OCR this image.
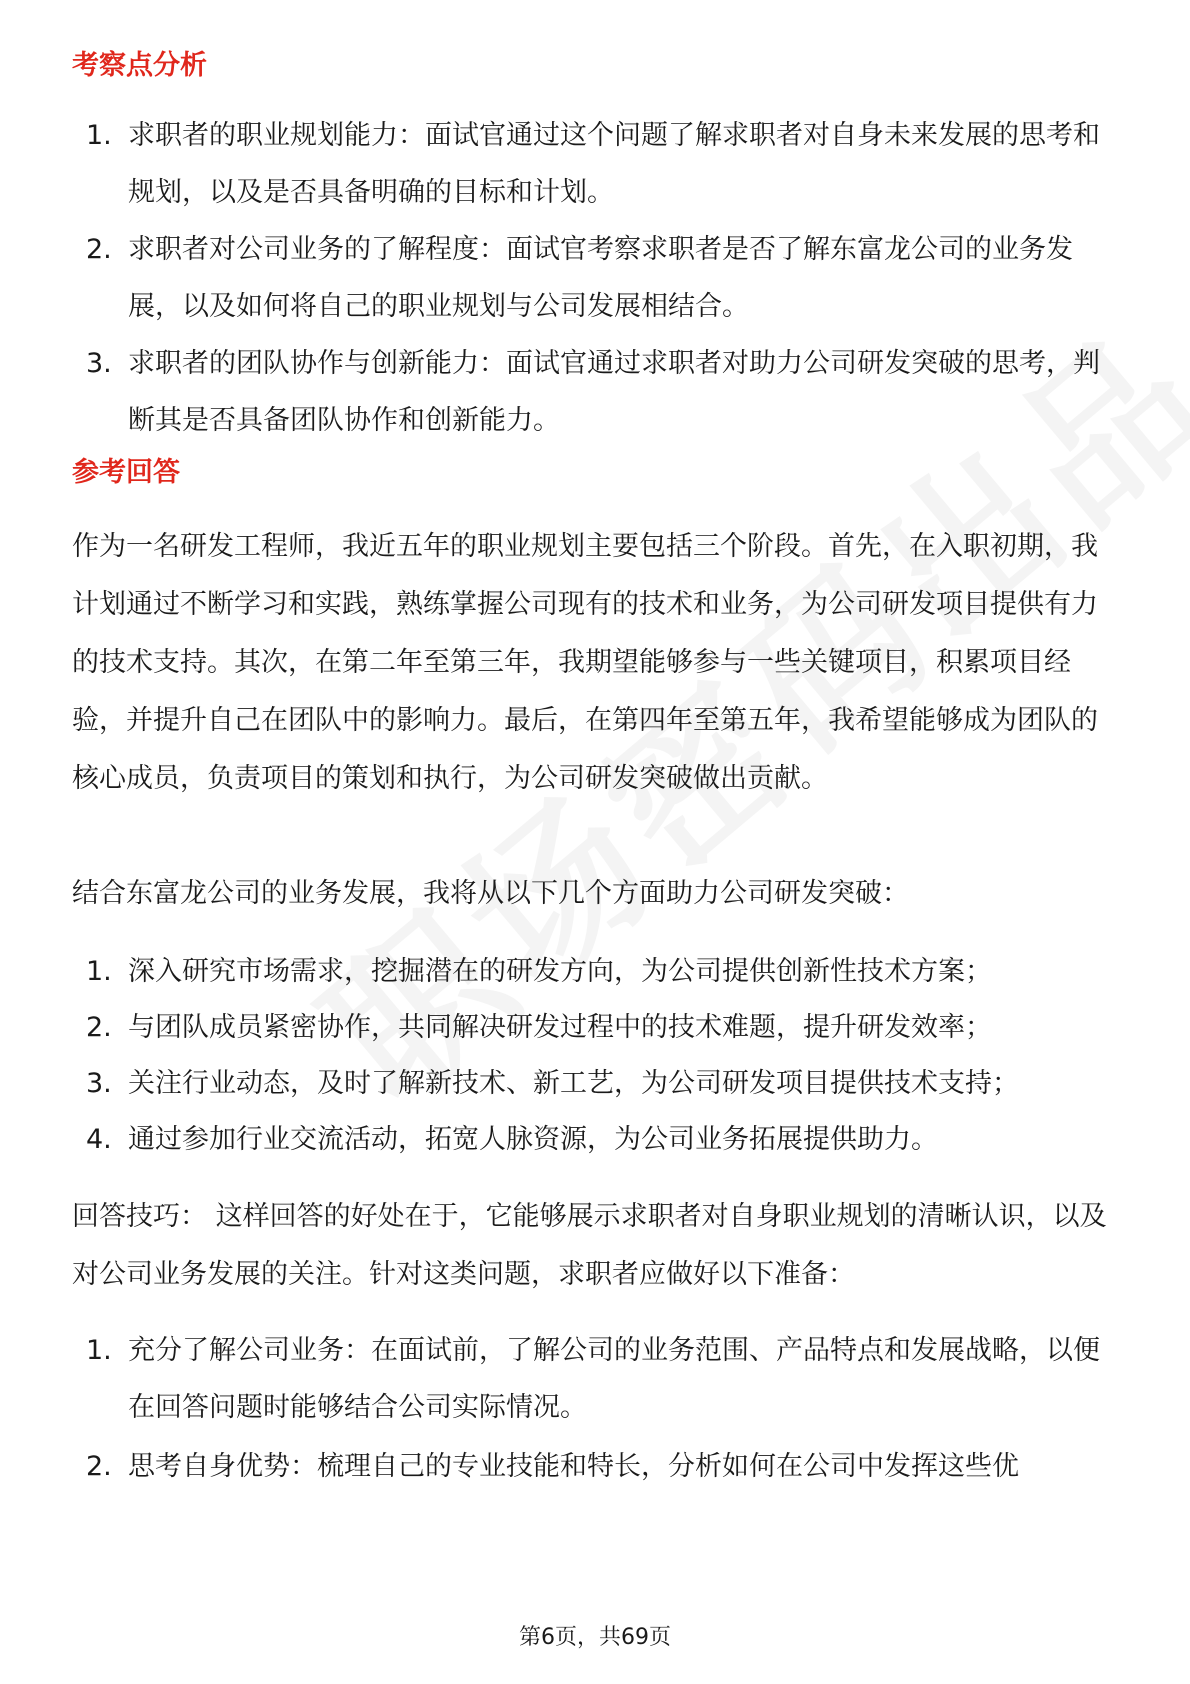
考察点分析
1. 求职者的职业规划能力：面试官通过这个问题了解求职者对自身未来发展的思考和规划，以及是否具备明确的目标和计划。
2. 求职者对公司业务的了解程度：面试官考察求职者是否了解东富龙公司的业务发展，以及如何将自己的职业规划与公司发展相结合。
3. 求职者的团队协作与创新能力：面试官通过求职者对助力公司研发突破的思考，判断其是否具备团队协作和创新能力。
参考回答

作为一名研发工程师，我近五年的职业规划主要包括三个阶段。首先，在入职初期，我计划通过不断学习和实践，熟练掌握公司现有的技术和业务，为公司研发项目提供有力的技术支持。其次，在第二年至第三年，我期望能够参与一些关键项目，积累项目经验，并提升自己在团队中的影响力。最后，在第四年至第五年，我希望能够成为团队的核心成员，负责项目的策划和执行，为公司研发突破做出贡献。

结合东富龙公司的业务发展，我将从以下几个方面助力公司研发突破：

1. 深入研究市场需求，挖掘潜在的研发方向，为公司提供创新性技术方案；
2. 与团队成员紧密协作，共同解决研发过程中的技术难题，提升研发效率；
3. 关注行业动态，及时了解新技术、新工艺，为公司研发项目提供技术支持；
4. 通过参加行业交流活动，拓宽人脉资源，为公司业务拓展提供助力。

回答技巧： 这样回答的好处在于，它能够展示求职者对自身职业规划的清晰认识，以及对公司业务发展的关注。针对这类问题，求职者应做好以下准备：

1. 充分了解公司业务：在面试前，了解公司的业务范围、产品特点和发展战略，以便在回答问题时能够结合公司实际情况。
2. 思考自身优势：梳理自己的专业技能和特长，分析如何在公司中发挥这些优
第6页，共69页
